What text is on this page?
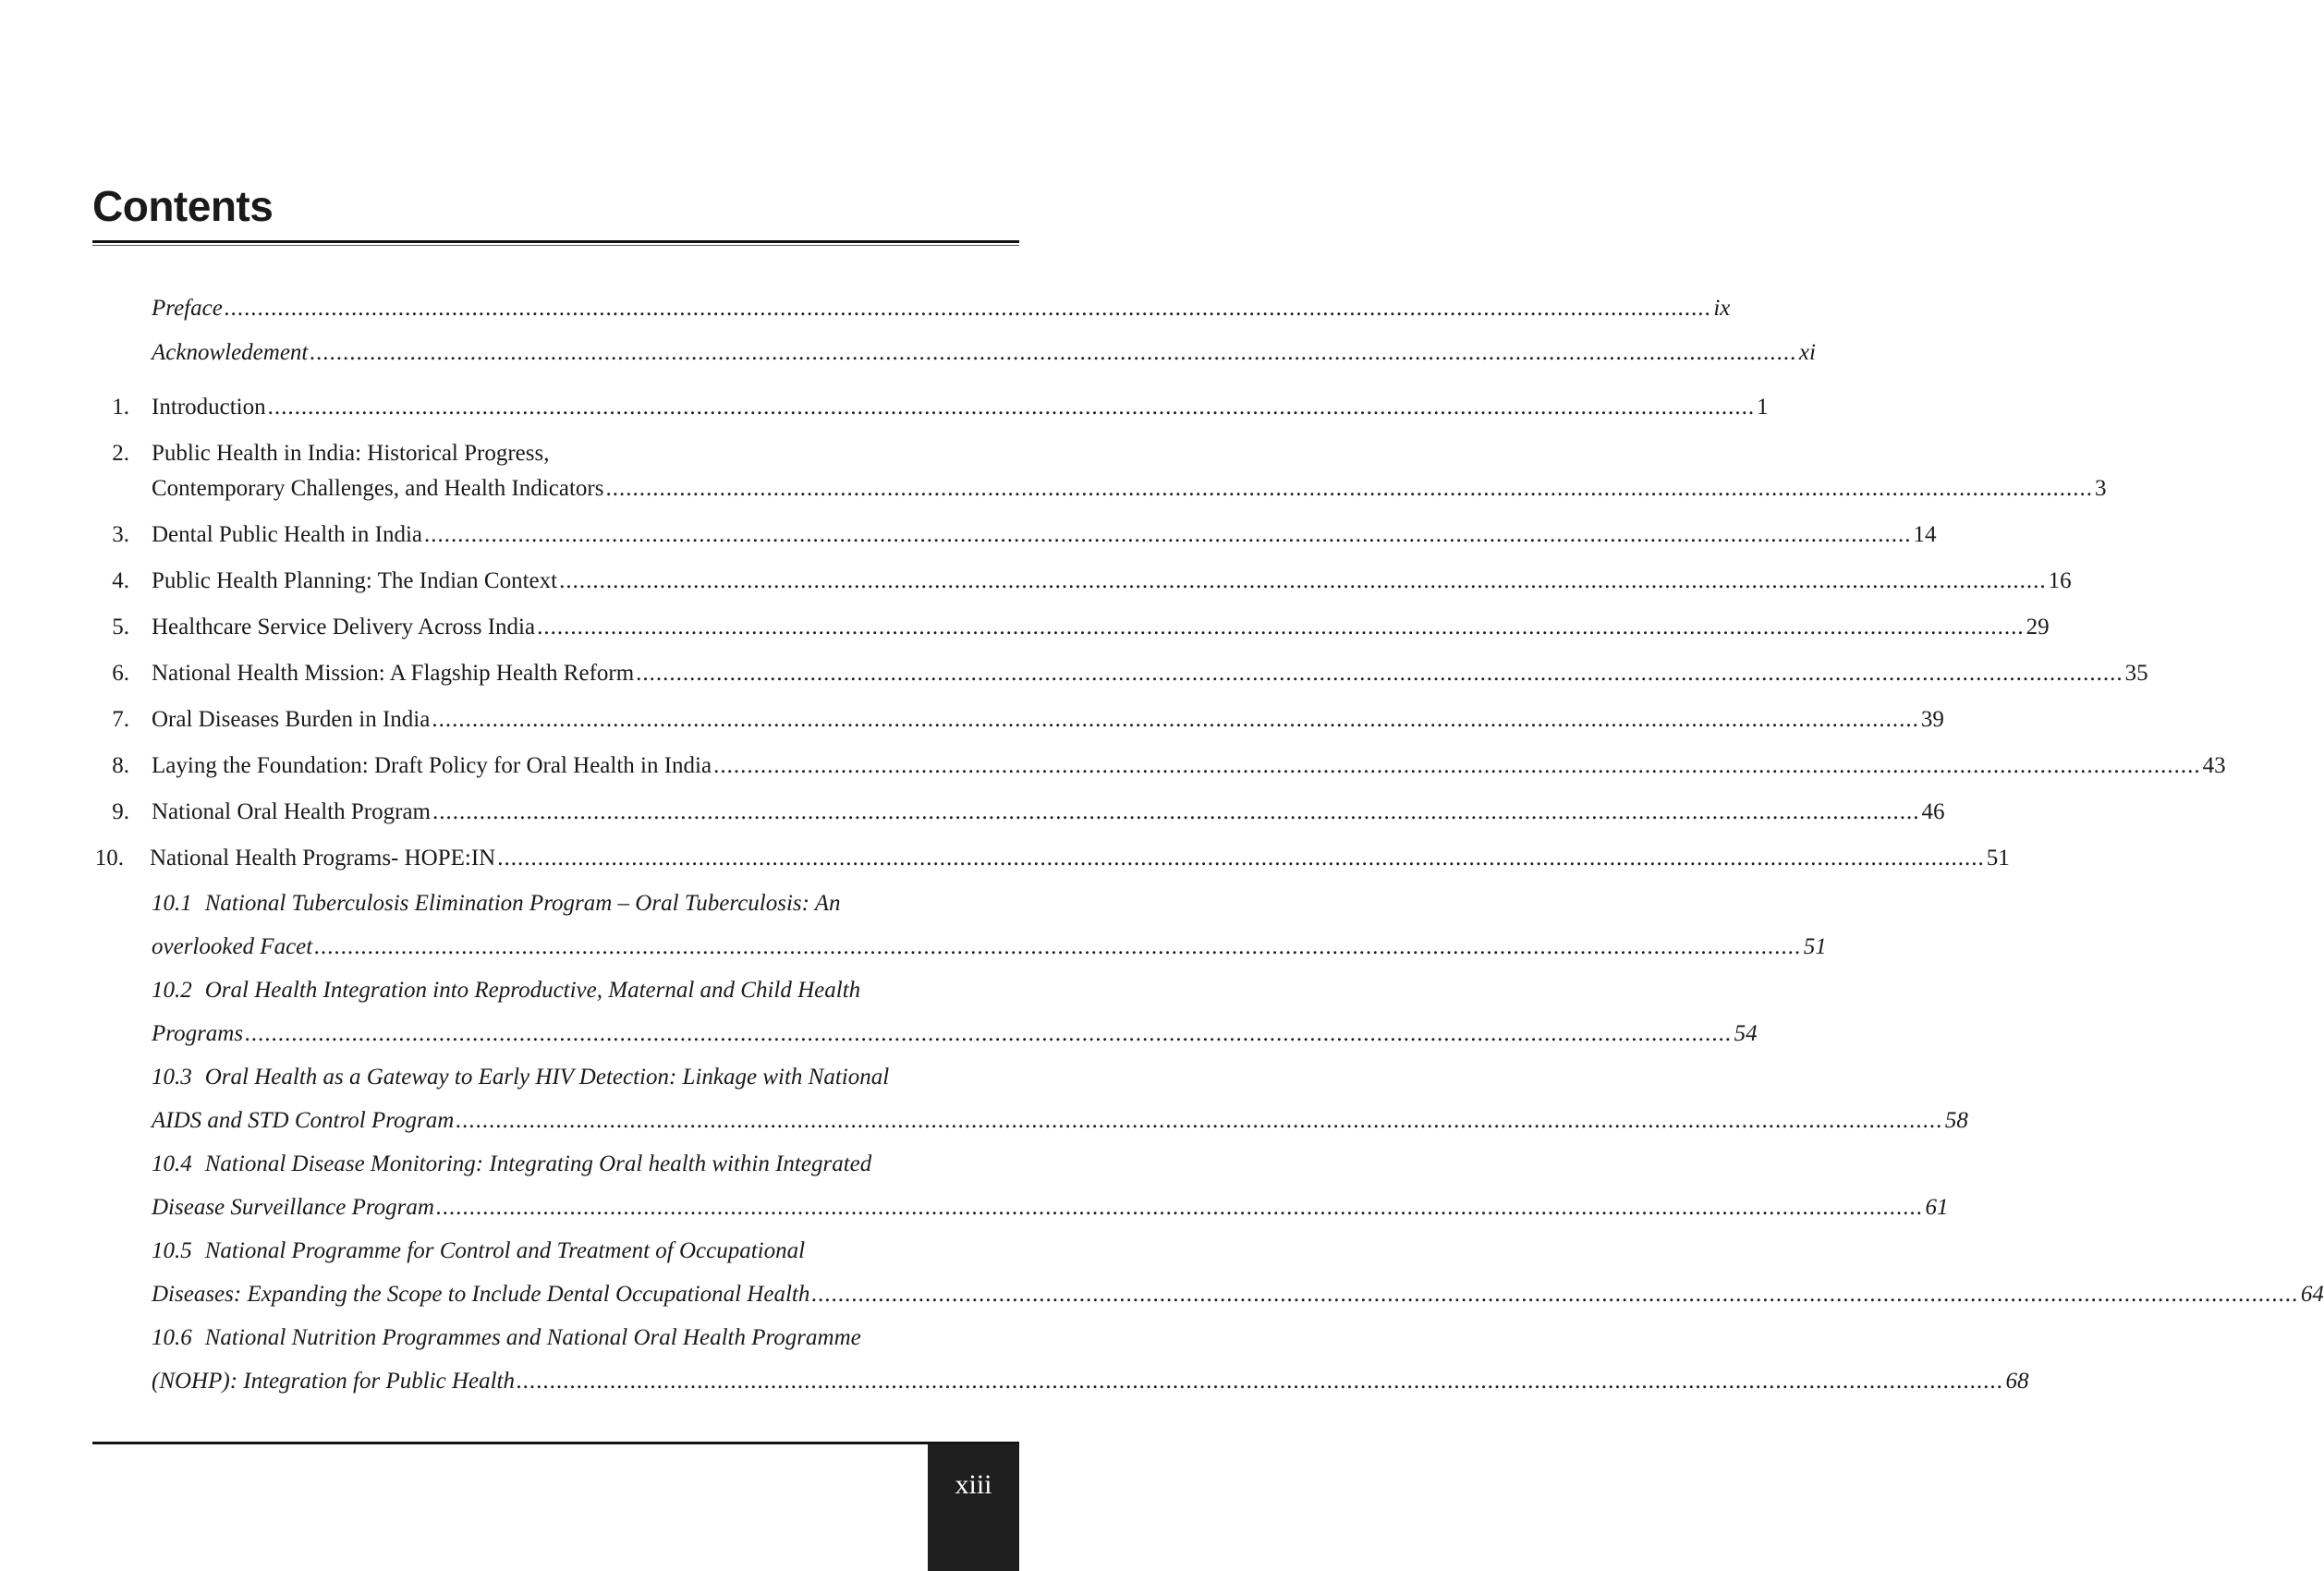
Contents
Preface .....	ix
Acknowledement .....	xi
1. Introduction .....	1
2. Public Health in India: Historical Progress,
Contemporary Challenges, and Health Indicators .....	3
3. Dental Public Health in India .....	14
4. Public Health Planning: The Indian Context .....	16
5. Healthcare Service Delivery Across India .....	29
6. National Health Mission: A Flagship Health Reform .....	35
7. Oral Diseases Burden in India .....	39
8. Laying the Foundation: Draft Policy for Oral Health in India .....	43
9. National Oral Health Program .....	46
10. National Health Programs- HOPE:IN .....	51
10.1 National Tuberculosis Elimination Program – Oral Tuberculosis: An
overlooked Facet .....	51
10.2 Oral Health Integration into Reproductive, Maternal and Child Health
Programs .....	54
10.3 Oral Health as a Gateway to Early HIV Detection: Linkage with National
AIDS and STD Control Program .....	58
10.4 National Disease Monitoring: Integrating Oral health within Integrated
Disease Surveillance Program .....	61
10.5 National Programme for Control and Treatment of Occupational
Diseases: Expanding the Scope to Include Dental Occupational Health .....	64
10.6 National Nutrition Programmes and National Oral Health Programme
(NOHP): Integration for Public Health .....	68
xiii
